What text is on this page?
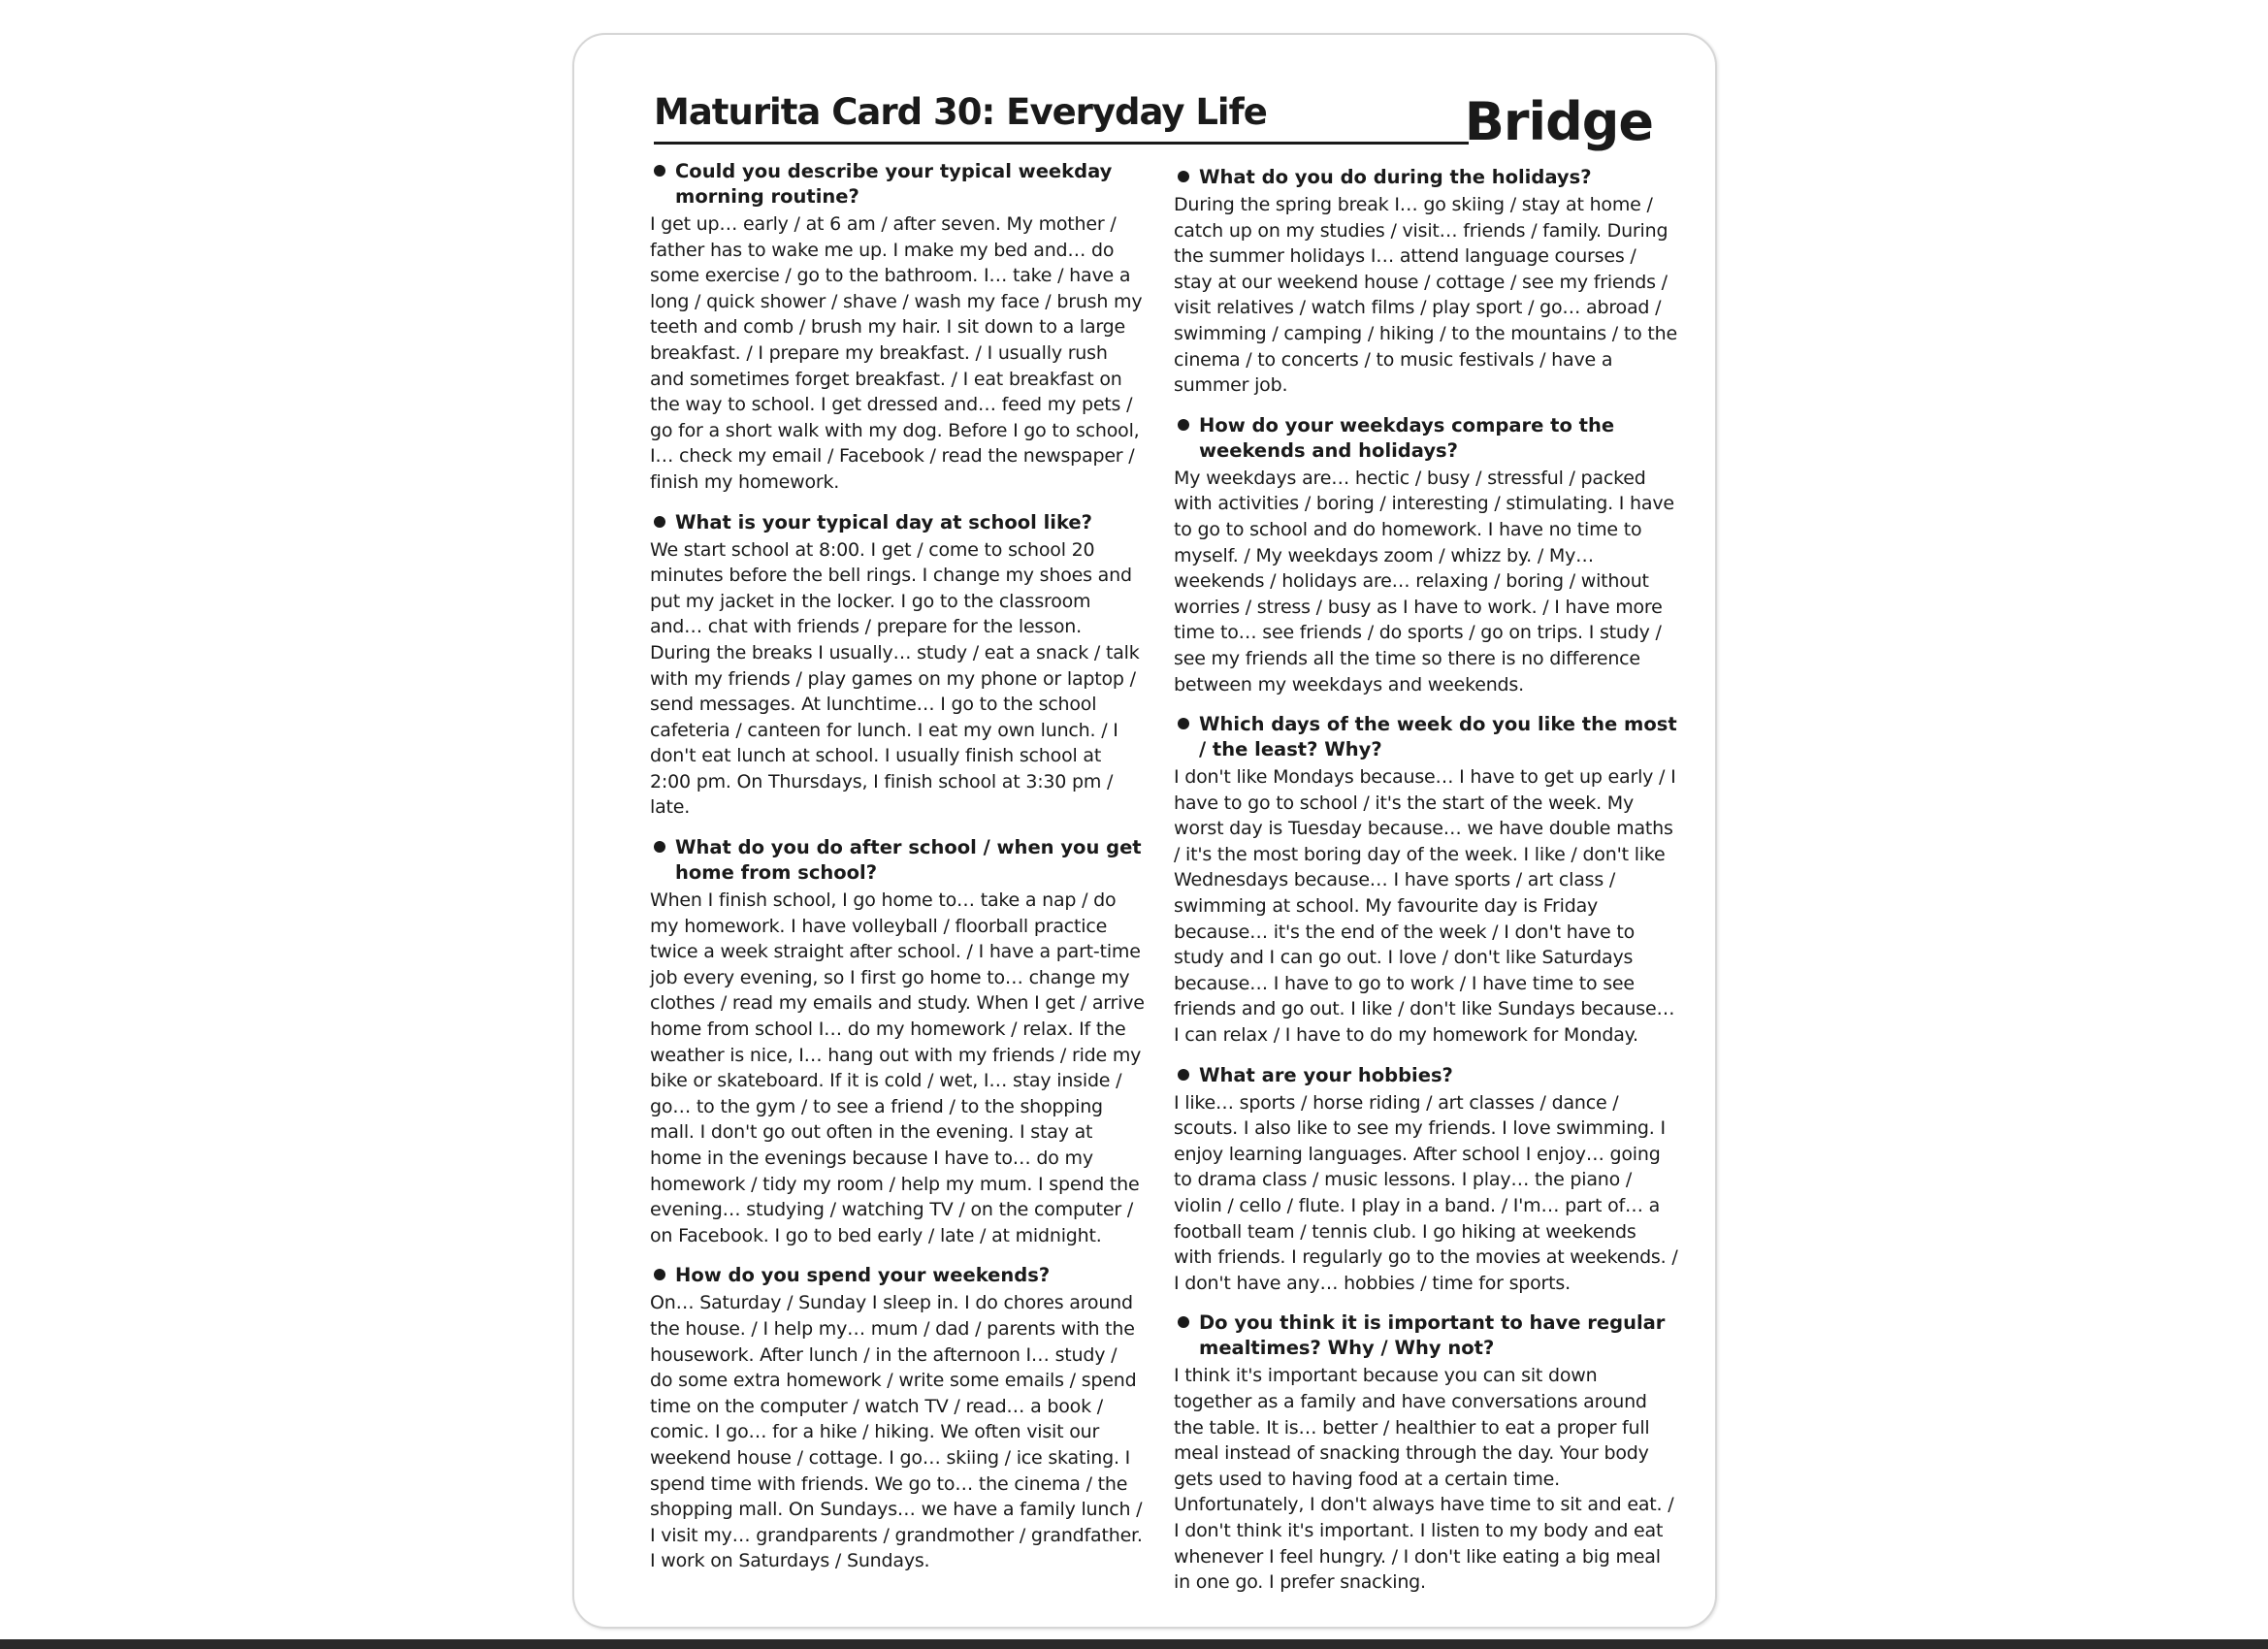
Maturita Card 30: Everyday Life	Bridge
Could you describe your typical weekday morning routine?
I get up… early / at 6 am / after seven. My mother / father has to wake me up. I make my bed and… do some exercise / go to the bathroom. I… take / have a long / quick shower / shave / wash my face / brush my teeth and comb / brush my hair. I sit down to a large breakfast. / I prepare my breakfast. / I usually rush and sometimes forget breakfast. / I eat breakfast on the way to school. I get dressed and… feed my pets / go for a short walk with my dog. Before I go to school, I… check my email / Facebook / read the newspaper / finish my homework.
What is your typical day at school like?
We start school at 8:00. I get / come to school 20 minutes before the bell rings. I change my shoes and put my jacket in the locker. I go to the classroom and… chat with friends / prepare for the lesson. During the breaks I usually… study / eat a snack / talk with my friends / play games on my phone or laptop / send messages. At lunchtime… I go to the school cafeteria / canteen for lunch. I eat my own lunch. / I don't eat lunch at school. I usually finish school at 2:00 pm. On Thursdays, I finish school at 3:30 pm / late.
What do you do after school / when you get home from school?
When I finish school, I go home to… take a nap / do my homework. I have volleyball / floorball practice twice a week straight after school. / I have a part-time job every evening, so I first go home to… change my clothes / read my emails and study. When I get / arrive home from school I… do my homework / relax. If the weather is nice, I… hang out with my friends / ride my bike or skateboard. If it is cold / wet, I… stay inside / go… to the gym / to see a friend / to the shopping mall. I don't go out often in the evening. I stay at home in the evenings because I have to… do my homework / tidy my room / help my mum. I spend the evening… studying / watching TV / on the computer / on Facebook. I go to bed early / late / at midnight.
How do you spend your weekends?
On… Saturday / Sunday I sleep in. I do chores around the house. / I help my… mum / dad / parents with the housework. After lunch / in the afternoon I… study / do some extra homework / write some emails / spend time on the computer / watch TV / read… a book / comic. I go… for a hike / hiking. We often visit our weekend house / cottage. I go… skiing / ice skating. I spend time with friends. We go to… the cinema / the shopping mall. On Sundays… we have a family lunch / I visit my… grandparents / grandmother / grandfather. I work on Saturdays / Sundays.
What do you do during the holidays?
During the spring break I… go skiing / stay at home / catch up on my studies / visit… friends / family. During the summer holidays I… attend language courses / stay at our weekend house / cottage / see my friends / visit relatives / watch films / play sport / go… abroad / swimming / camping / hiking / to the mountains / to the cinema / to concerts / to music festivals / have a summer job.
How do your weekdays compare to the weekends and holidays?
My weekdays are… hectic / busy / stressful / packed with activities / boring / interesting / stimulating. I have to go to school and do homework. I have no time to myself. / My weekdays zoom / whizz by. / My… weekends / holidays are… relaxing / boring / without worries / stress / busy as I have to work. / I have more time to… see friends / do sports / go on trips. I study / see my friends all the time so there is no difference between my weekdays and weekends.
Which days of the week do you like the most / the least? Why?
I don't like Mondays because… I have to get up early / I have to go to school / it's the start of the week. My worst day is Tuesday because… we have double maths / it's the most boring day of the week. I like / don't like Wednesdays because… I have sports / art class / swimming at school. My favourite day is Friday because… it's the end of the week / I don't have to study and I can go out. I love / don't like Saturdays because… I have to go to work / I have time to see friends and go out. I like / don't like Sundays because… I can relax / I have to do my homework for Monday.
What are your hobbies?
I like… sports / horse riding / art classes / dance / scouts. I also like to see my friends. I love swimming. I enjoy learning languages. After school I enjoy… going to drama class / music lessons. I play… the piano / violin / cello / flute. I play in a band. / I'm… part of… a football team / tennis club. I go hiking at weekends with friends. I regularly go to the movies at weekends. / I don't have any… hobbies / time for sports.
Do you think it is important to have regular mealtimes? Why / Why not?
I think it's important because you can sit down together as a family and have conversations around the table. It is… better / healthier to eat a proper full meal instead of snacking through the day. Your body gets used to having food at a certain time. Unfortunately, I don't always have time to sit and eat. / I don't think it's important. I listen to my body and eat whenever I feel hungry. / I don't like eating a big meal in one go. I prefer snacking.
